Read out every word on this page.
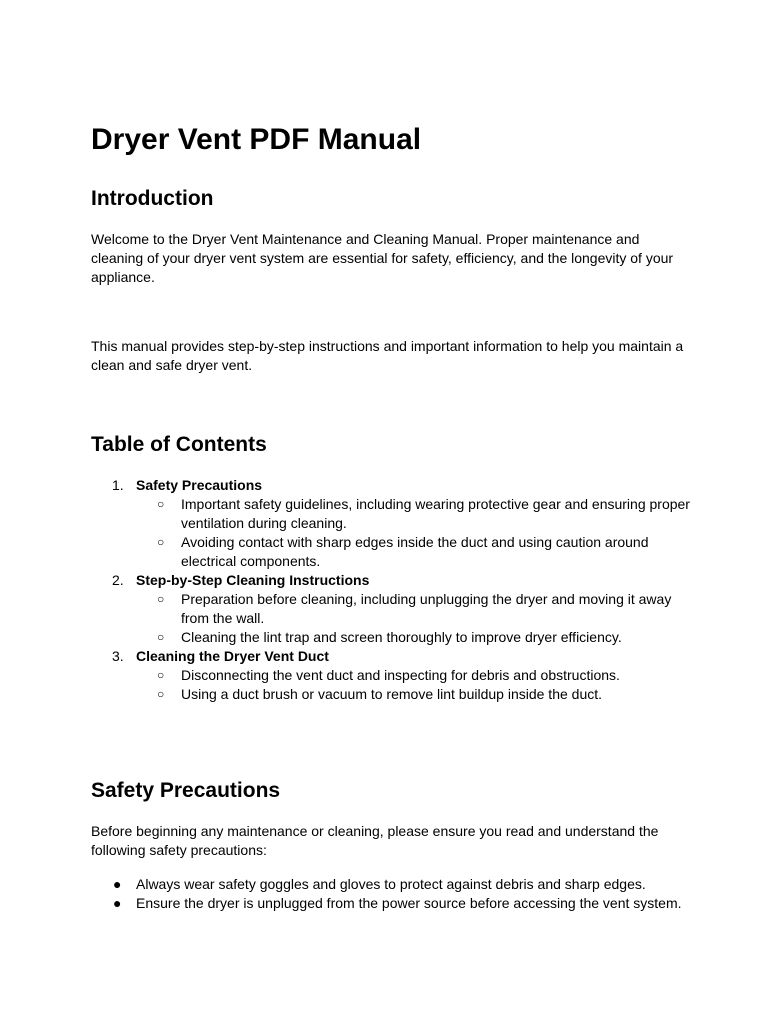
Dryer Vent PDF Manual
Introduction

Welcome to the Dryer Vent Maintenance and Cleaning Manual. Proper maintenance and cleaning of your dryer vent system are essential for safety, efficiency, and the longevity of your appliance.

This manual provides step-by-step instructions and important information to help you maintain a clean and safe dryer vent.

Table of Contents
1. Safety Precautions
○ Important safety guidelines, including wearing protective gear and ensuring proper ventilation during cleaning.
○ Avoiding contact with sharp edges inside the duct and using caution around electrical components.
2. Step-by-Step Cleaning Instructions
○ Preparation before cleaning, including unplugging the dryer and moving it away from the wall.
○ Cleaning the lint trap and screen thoroughly to improve dryer efficiency.
3. Cleaning the Dryer Vent Duct
○ Disconnecting the vent duct and inspecting for debris and obstructions.
○ Using a duct brush or vacuum to remove lint buildup inside the duct.
Safety Precautions

Before beginning any maintenance or cleaning, please ensure you read and understand the following safety precautions:

● Always wear safety goggles and gloves to protect against debris and sharp edges.
● Ensure the dryer is unplugged from the power source before accessing the vent system.
